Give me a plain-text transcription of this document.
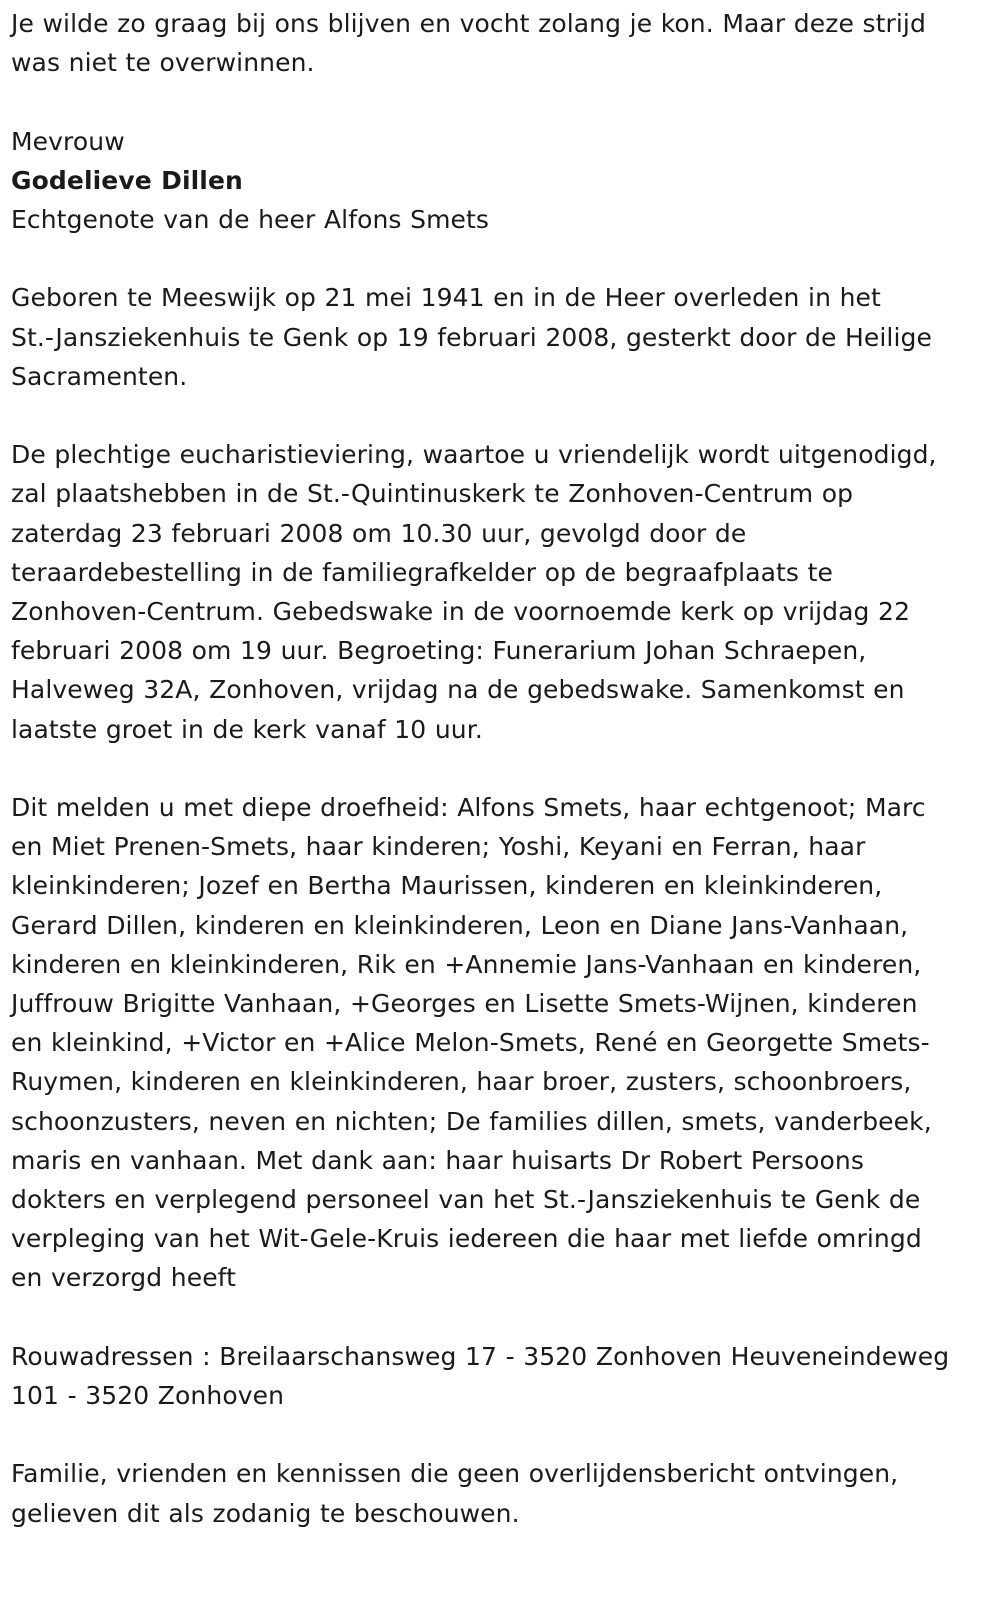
Je wilde zo graag bij ons blijven en vocht zolang je kon. Maar deze strijd
was niet te overwinnen.

Mevrouw
Godelieve Dillen
Echtgenote van de heer Alfons Smets

Geboren te Meeswijk op 21 mei 1941 en in de Heer overleden in het
St.-Jansziekenhuis te Genk op 19 februari 2008, gesterkt door de Heilige
Sacramenten.

De plechtige eucharistieviering, waartoe u vriendelijk wordt uitgenodigd,
zal plaatshebben in de St.-Quintinuskerk te Zonhoven-Centrum op
zaterdag 23 februari 2008 om 10.30 uur, gevolgd door de
teraardebestelling in de familiegrafkelder op de begraafplaats te
Zonhoven-Centrum. Gebedswake in de voornoemde kerk op vrijdag 22
februari 2008 om 19 uur. Begroeting: Funerarium Johan Schraepen,
Halveweg 32A, Zonhoven, vrijdag na de gebedswake. Samenkomst en
laatste groet in de kerk vanaf 10 uur.

Dit melden u met diepe droefheid: Alfons Smets, haar echtgenoot; Marc
en Miet Prenen-Smets, haar kinderen; Yoshi, Keyani en Ferran, haar
kleinkinderen; Jozef en Bertha Maurissen, kinderen en kleinkinderen,
Gerard Dillen, kinderen en kleinkinderen, Leon en Diane Jans-Vanhaan,
kinderen en kleinkinderen, Rik en +Annemie Jans-Vanhaan en kinderen,
Juffrouw Brigitte Vanhaan, +Georges en Lisette Smets-Wijnen, kinderen
en kleinkind, +Victor en +Alice Melon-Smets, René en Georgette Smets-
Ruymen, kinderen en kleinkinderen, haar broer, zusters, schoonbroers,
schoonzusters, neven en nichten; De families dillen, smets, vanderbeek,
maris en vanhaan. Met dank aan: haar huisarts Dr Robert Persoons
dokters en verplegend personeel van het St.-Jansziekenhuis te Genk de
verpleging van het Wit-Gele-Kruis iedereen die haar met liefde omringd
en verzorgd heeft

Rouwadressen : Breilaarschansweg 17 - 3520 Zonhoven Heuveneindeweg
101 - 3520 Zonhoven

Familie, vrienden en kennissen die geen overlijdensbericht ontvingen,
gelieven dit als zodanig te beschouwen.
